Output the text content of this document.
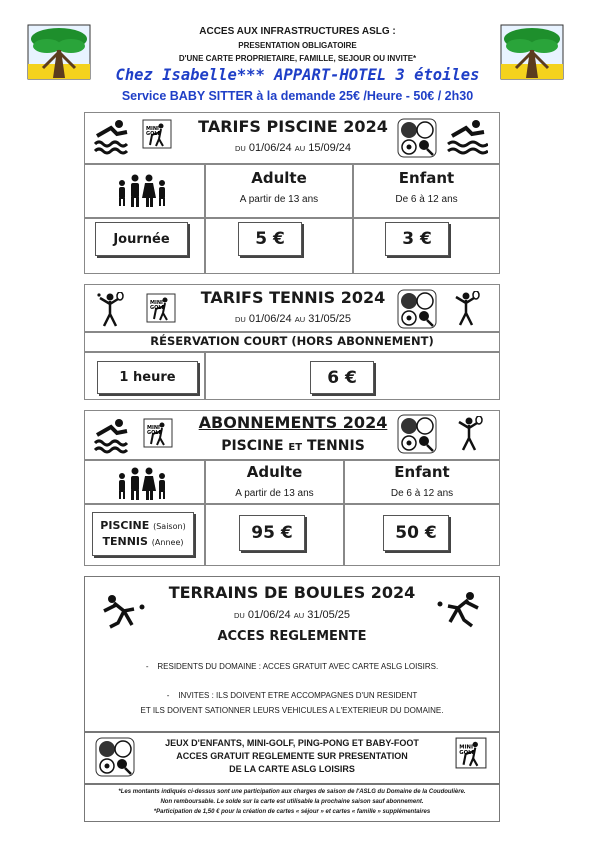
ACCES AUX INFRASTRUCTURES ASLG :
PRESENTATION OBLIGATOIRE
D'UNE CARTE PROPRIETAIRE, FAMILLE, SEJOUR OU INVITE*
Chez Isabelle*** APPART-HOTEL 3 étoiles
Service BABY SITTER à la demande 25€ /Heure - 50€ / 2h30
MINI
GOLF	TARIFS PISCINE 2024
DU 01/06/24 AU 15/09/24
Adulte
A partir de 13 ans
Enfant
De 6 à 12 ans
Journée	5 €	3 €
MINI
GOLF
TARIFS TENNIS 2024
DU 01/06/24 AU 31/05/25
RÉSERVATION COURT (HORS ABONNEMENT)
1 heure	6 €
MINI
GOLF
ABONNEMENTS 2024
PISCINE ET TENNIS
Adulte
A partir de 13 ans
Enfant
De 6 à 12 ans
PISCINE (Saison)
TENNIS (Annee)	95 €	50 €
TERRAINS DE BOULES 2024
DU 01/06/24 AU 31/05/25
ACCES REGLEMENTE
-    RESIDENTS DU DOMAINE : ACCES GRATUIT AVEC CARTE ASLG LOISIRS.
-    INVITES : ILS DOIVENT ETRE ACCOMPAGNES D'UN RESIDENT
ET ILS DOIVENT SATIONNER LEURS VEHICULES A L'EXTERIEUR DU DOMAINE.
MINI
GOLF
JEUX D'ENFANTS, MINI-GOLF, PING-PONG ET BABY-FOOT
ACCES GRATUIT REGLEMENTE SUR PRESENTATION
DE LA CARTE ASLG LOISIRS
*Les montants indiqués ci-dessus sont une participation aux charges de saison de l'ASLG du Domaine de la Coudoulière.
Non remboursable. Le solde sur la carte est utilisable la prochaine saison sauf abonnement.
*Participation de 1,50 € pour la création de cartes « séjour » et cartes « famille » supplémentaires
